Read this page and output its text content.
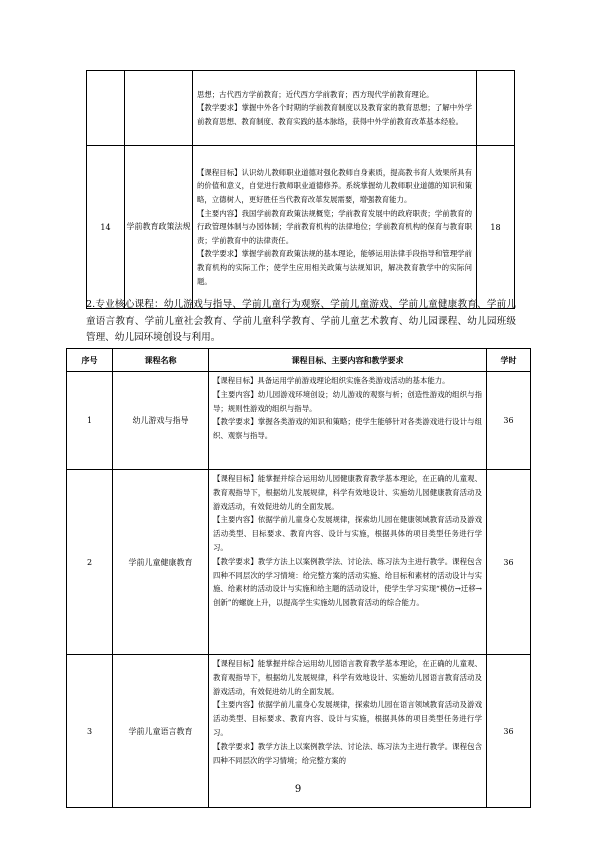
		思想；古代西方学前教育；近代西方学前教育；西方现代学前教育理论。

【教学要求】掌握中外各个时期的学前教育制度以及教育家的教育思想；了解中外学前教育思想、教育制度、教育实践的基本脉络，获得中外学前教育改革基本经验。	

14	学前教育政策法规	【课程目标】认识幼儿教师职业道德对强化教师自身素质，提高教书育人效果所具有的价值和意义，自觉进行教师职业道德修养。系统掌握幼儿教师职业道德的知识和策略，立德树人，更好胜任当代教育改革发展需要，增强教育能力。

【主要内容】我国学前教育政策法规概览；学前教育发展中的政府职责；学前教育的行政管理体制与办园体制；学前教育机构的法律地位；学前教育机构的保育与教育职责；学前教育中的法律责任。

【教学要求】掌握学前教育政策法规的基本理论，能够运用法律手段指导和管理学前教育机构的实际工作；使学生应用相关政策与法规知识，解决教育教学中的实际问题。	18

2.专业核心课程：幼儿游戏与指导、学前儿童行为观察、学前儿童游戏、学前儿童健康教育、学前儿童语言教育、学前儿童社会教育、学前儿童科学教育、学前儿童艺术教育、幼儿园课程、幼儿园班级管理、幼儿园环境创设与利用。

序号	课程名称	课程目标、主要内容和教学要求	学时
1	幼儿游戏与指导	【课程目标】具备运用学前游戏理论组织实施各类游戏活动的基本能力。

【主要内容】幼儿园游戏环境创设；幼儿游戏的观察与析；创造性游戏的组织与指导；规则性游戏的组织与指导。

【教学要求】掌握各类游戏的知识和策略；使学生能够针对各类游戏进行设计与组织、观察与指导。	36
2	学前儿童健康教育	【课程目标】能掌握并综合运用幼儿园健康教育教学基本理论，在正确的儿童观、教育观指导下，根据幼儿发展规律，科学有效地设计、实施幼儿园健康教育活动及游戏活动，有效促进幼儿的全面发展。

【主要内容】依据学前儿童身心发展规律，探索幼儿园在健康领域教育活动及游戏活动类型、目标要求、教育内容、设计与实施，根据具体的项目类型任务进行学习。

【教学要求】教学方法上以案例教学法、讨论法、练习法为主进行教学。课程包含四种不同层次的学习情境：给完整方案的活动实施、给目标和素材的活动设计与实施、给素材的活动设计与实施和给主题的活动设计，使学生学习实现“模仿→迁移→创新”的螺旋上升，以提高学生实施幼儿园教育活动的综合能力。	36
3	学前儿童语言教育	【课程目标】能掌握并综合运用幼儿园语言教育教学基本理论，在正确的儿童观、教育观指导下，根据幼儿发展规律，科学有效地设计、实施幼儿园语言教育活动及游戏活动，有效促进幼儿的全面发展。

【主要内容】依据学前儿童身心发展规律，探索幼儿园在语言领域教育活动及游戏活动类型、目标要求、教育内容、设计与实施，根据具体的项目类型任务进行学习。

【教学要求】教学方法上以案例教学法、讨论法、练习法为主进行教学。课程包含四种不同层次的学习情境；给完整方案的	36
9
